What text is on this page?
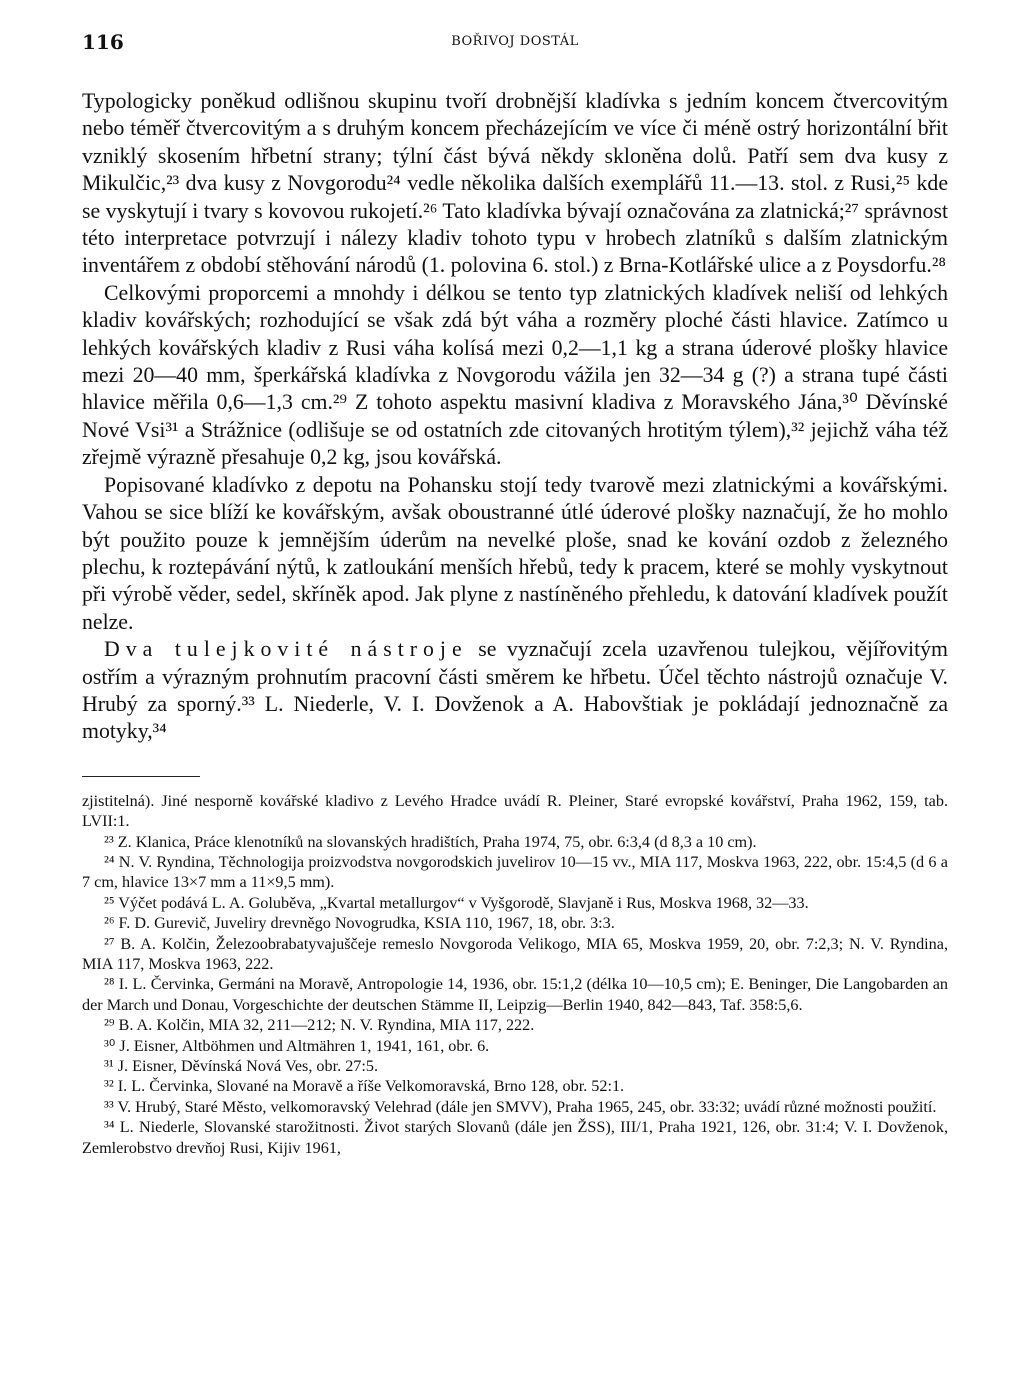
116	BOŘIVOJ DOSTÁL

Typologicky poněkud odlišnou skupinu tvoří drobnější kladívka s jedním koncem čtvercovitým nebo téměř čtvercovitým a s druhým koncem přecházejícím ve více či méně ostrý horizontální břit vzniklý skosením hřbetní strany; týlní část bývá někdy skloněna dolů. Patří sem dva kusy z Mikulčic,²³ dva kusy z Novgorodu²⁴ vedle několika dalších exemplářů 11.—13. stol. z Rusi,²⁵ kde se vyskytují i tvary s kovovou rukojetí.²⁶ Tato kladívka bývají označována za zlatnická;²⁷ správnost této interpretace potvrzují i nálezy kladiv tohoto typu v hrobech zlatníků s dalším zlatnickým inventářem z období stěhování národů (1. polovina 6. stol.) z Brna-Kotlářské ulice a z Poysdorfu.²⁸

Celkovými proporcemi a mnohdy i délkou se tento typ zlatnických kladívek neliší od lehkých kladiv kovářských; rozhodující se však zdá být váha a rozměry ploché části hlavice. Zatímco u lehkých kovářských kladiv z Rusi váha kolísá mezi 0,2—1,1 kg a strana úderové plošky hlavice mezi 20—40 mm, šperkářská kladívka z Novgorodu vážila jen 32—34 g (?) a strana tupé části hlavice měřila 0,6—1,3 cm.²⁹ Z tohoto aspektu masivní kladiva z Moravského Jána,³⁰ Děvínské Nové Vsi³¹ a Strážnice (odlišuje se od ostatních zde citovaných hrotitým týlem),³² jejichž váha též zřejmě výrazně přesahuje 0,2 kg, jsou kovářská.

Popisované kladívko z depotu na Pohansku stojí tedy tvarově mezi zlatnickými a kovářskými. Vahou se sice blíží ke kovářským, avšak oboustranné útlé úderové plošky naznačují, že ho mohlo být použito pouze k jemnějším úderům na nevelké ploše, snad ke kování ozdob z železného plechu, k roztepávání nýtů, k zatloukání menších hřebů, tedy k pracem, které se mohly vyskytnout při výrobě věder, sedel, skříněk apod. Jak plyne z nastíněného přehledu, k datování kladívek použít nelze.

Dva tulejkovité nástroje se vyznačují zcela uzavřenou tulejkou, vějířovitým ostřím a výrazným prohnutím pracovní části směrem ke hřbetu. Účel těchto nástrojů označuje V. Hrubý za sporný.³³ L. Niederle, V. I. Dovženok a A. Habovštiak je pokládají jednoznačně za motyky,³⁴

zjistitelná). Jiné nesporně kovářské kladivo z Levého Hradce uvádí R. Pleiner, Staré evropské kovářství, Praha 1962, 159, tab. LVII:1.

²³ Z. Klanica, Práce klenotníků na slovanských hradištích, Praha 1974, 75, obr. 6:3,4 (d 8,3 a 10 cm).

²⁴ N. V. Ryndina, Těchnologija proizvodstva novgorodskich juvelirov 10—15 vv., MIA 117, Moskva 1963, 222, obr. 15:4,5 (d 6 a 7 cm, hlavice 13×7 mm a 11×9,5 mm).

²⁵ Výčet podává L. A. Goluběva, „Kvartal metallurgov“ v Vyšgorodě, Slavjaně i Rus, Moskva 1968, 32—33.

²⁶ F. D. Gurevič, Juveliry drevněgo Novogrudka, KSIA 110, 1967, 18, obr. 3:3.

²⁷ B. A. Kolčin, Železoobrabatyvajuščeje remeslo Novgoroda Velikogo, MIA 65, Moskva 1959, 20, obr. 7:2,3; N. V. Ryndina, MIA 117, Moskva 1963, 222.

²⁸ I. L. Červinka, Germáni na Moravě, Antropologie 14, 1936, obr. 15:1,2 (délka 10—10,5 cm); E. Beninger, Die Langobarden an der March und Donau, Vorgeschichte der deutschen Stämme II, Leipzig—Berlin 1940, 842—843, Taf. 358:5,6.

²⁹ B. A. Kolčin, MIA 32, 211—212; N. V. Ryndina, MIA 117, 222.

³⁰ J. Eisner, Altböhmen und Altmähren 1, 1941, 161, obr. 6.

³¹ J. Eisner, Děvínská Nová Ves, obr. 27:5.

³² I. L. Červinka, Slované na Moravě a říše Velkomoravská, Brno 128, obr. 52:1.

³³ V. Hrubý, Staré Město, velkomoravský Velehrad (dále jen SMVV), Praha 1965, 245, obr. 33:32; uvádí různé možnosti použití.

³⁴ L. Niederle, Slovanské starožitnosti. Život starých Slovanů (dále jen ŽSS), III/1, Praha 1921, 126, obr. 31:4; V. I. Dovženok, Zemlerobstvo drevňoj Rusi, Kijiv 1961,
